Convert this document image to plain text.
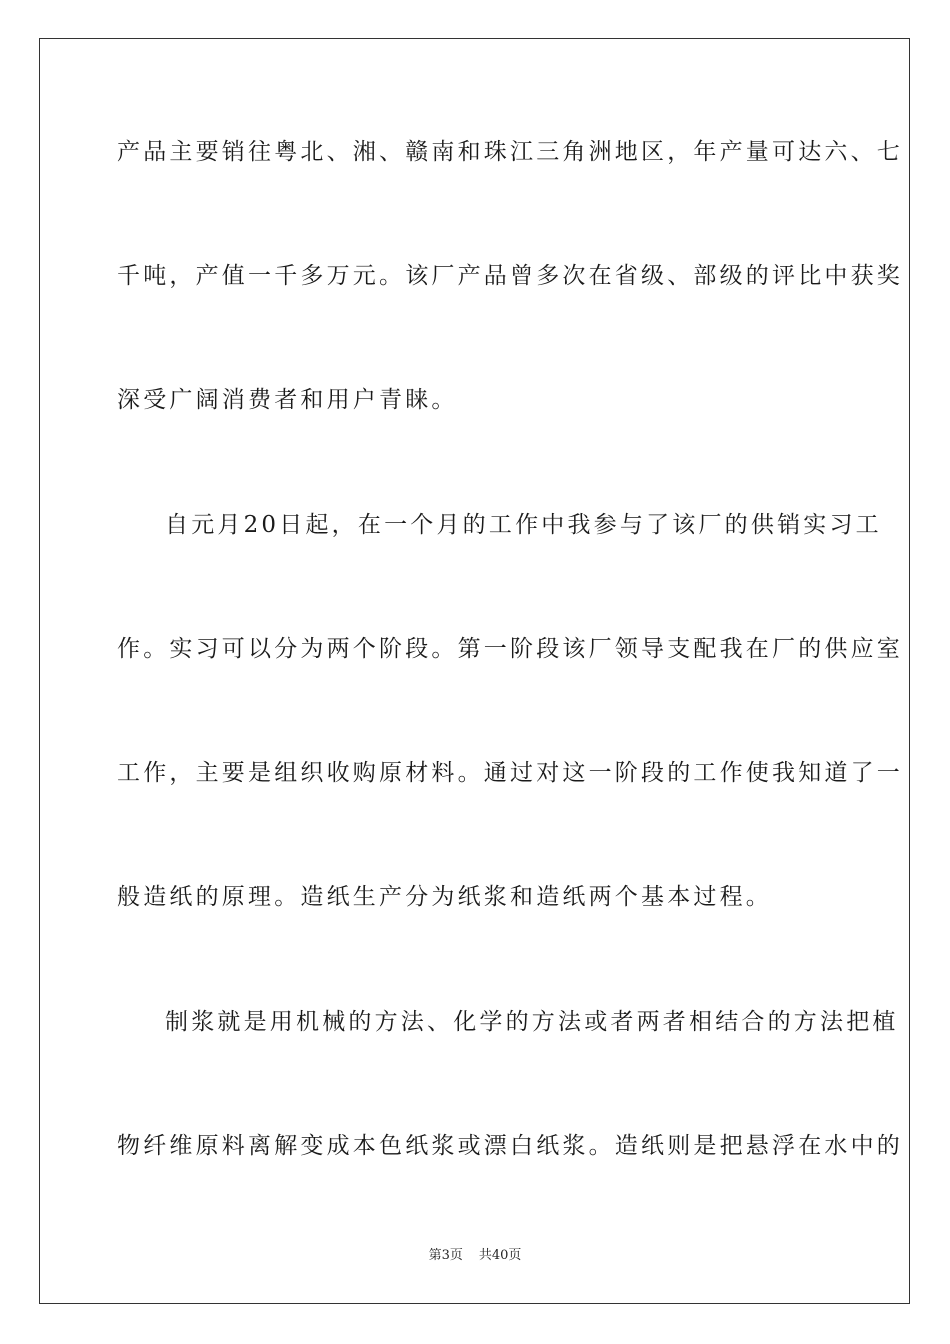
产品主要销往粤北、湘、赣南和珠江三角洲地区，年产量可达六、七
千吨，产值一千多万元。该厂产品曾多次在省级、部级的评比中获奖
深受广阔消费者和用户青睐。
自元月20日起，在一个月的工作中我参与了该厂的供销实习工
作。实习可以分为两个阶段。第一阶段该厂领导支配我在厂的供应室
工作，主要是组织收购原材料。通过对这一阶段的工作使我知道了一
般造纸的原理。造纸生产分为纸浆和造纸两个基本过程。
制浆就是用机械的方法、化学的方法或者两者相结合的方法把植
物纤维原料离解变成本色纸浆或漂白纸浆。造纸则是把悬浮在水中的
第3页 共40页
